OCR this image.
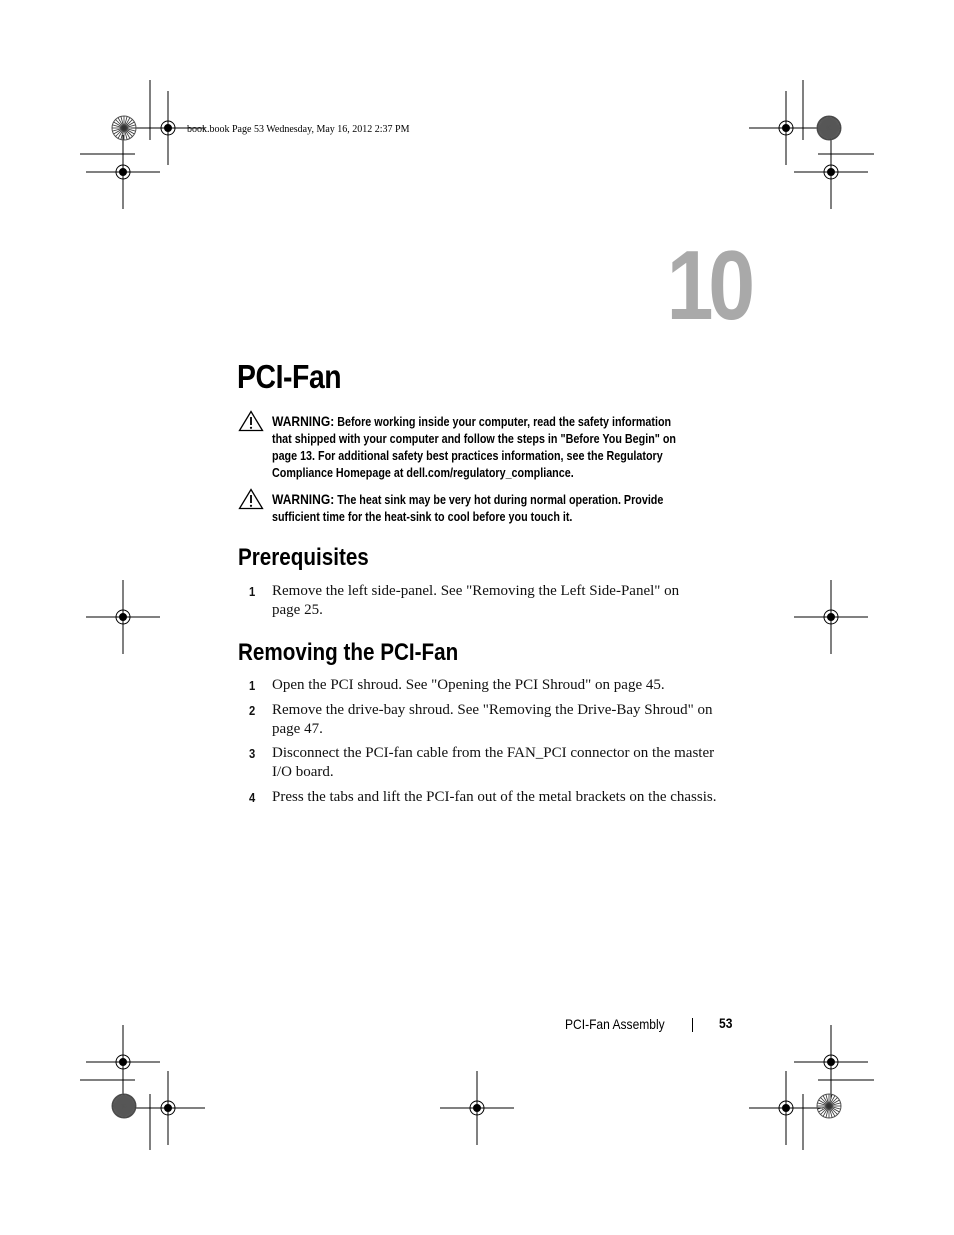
book.book Page 53 Wednesday, May 16, 2012 2:37 PM
10
PCI-Fan
WARNING: Before working inside your computer, read the safety information
that shipped with your computer and follow the steps in "Before You Begin" on
page 13. For additional safety best practices information, see the Regulatory
Compliance Homepage at dell.com/regulatory_compliance.
WARNING: The heat sink may be very hot during normal operation. Provide
sufficient time for the heat-sink to cool before you touch it.
Prerequisites
1 Remove the left side-panel. See "Removing the Left Side-Panel" on
page 25.
Removing the PCI-Fan
1 Open the PCI shroud. See "Opening the PCI Shroud" on page 45.
2 Remove the drive-bay shroud. See "Removing the Drive-Bay Shroud" on
page 47.
3 Disconnect the PCI-fan cable from the FAN_PCI connector on the master
I/O board.
4 Press the tabs and lift the PCI-fan out of the metal brackets on the chassis.
PCI-Fan Assembly	53
